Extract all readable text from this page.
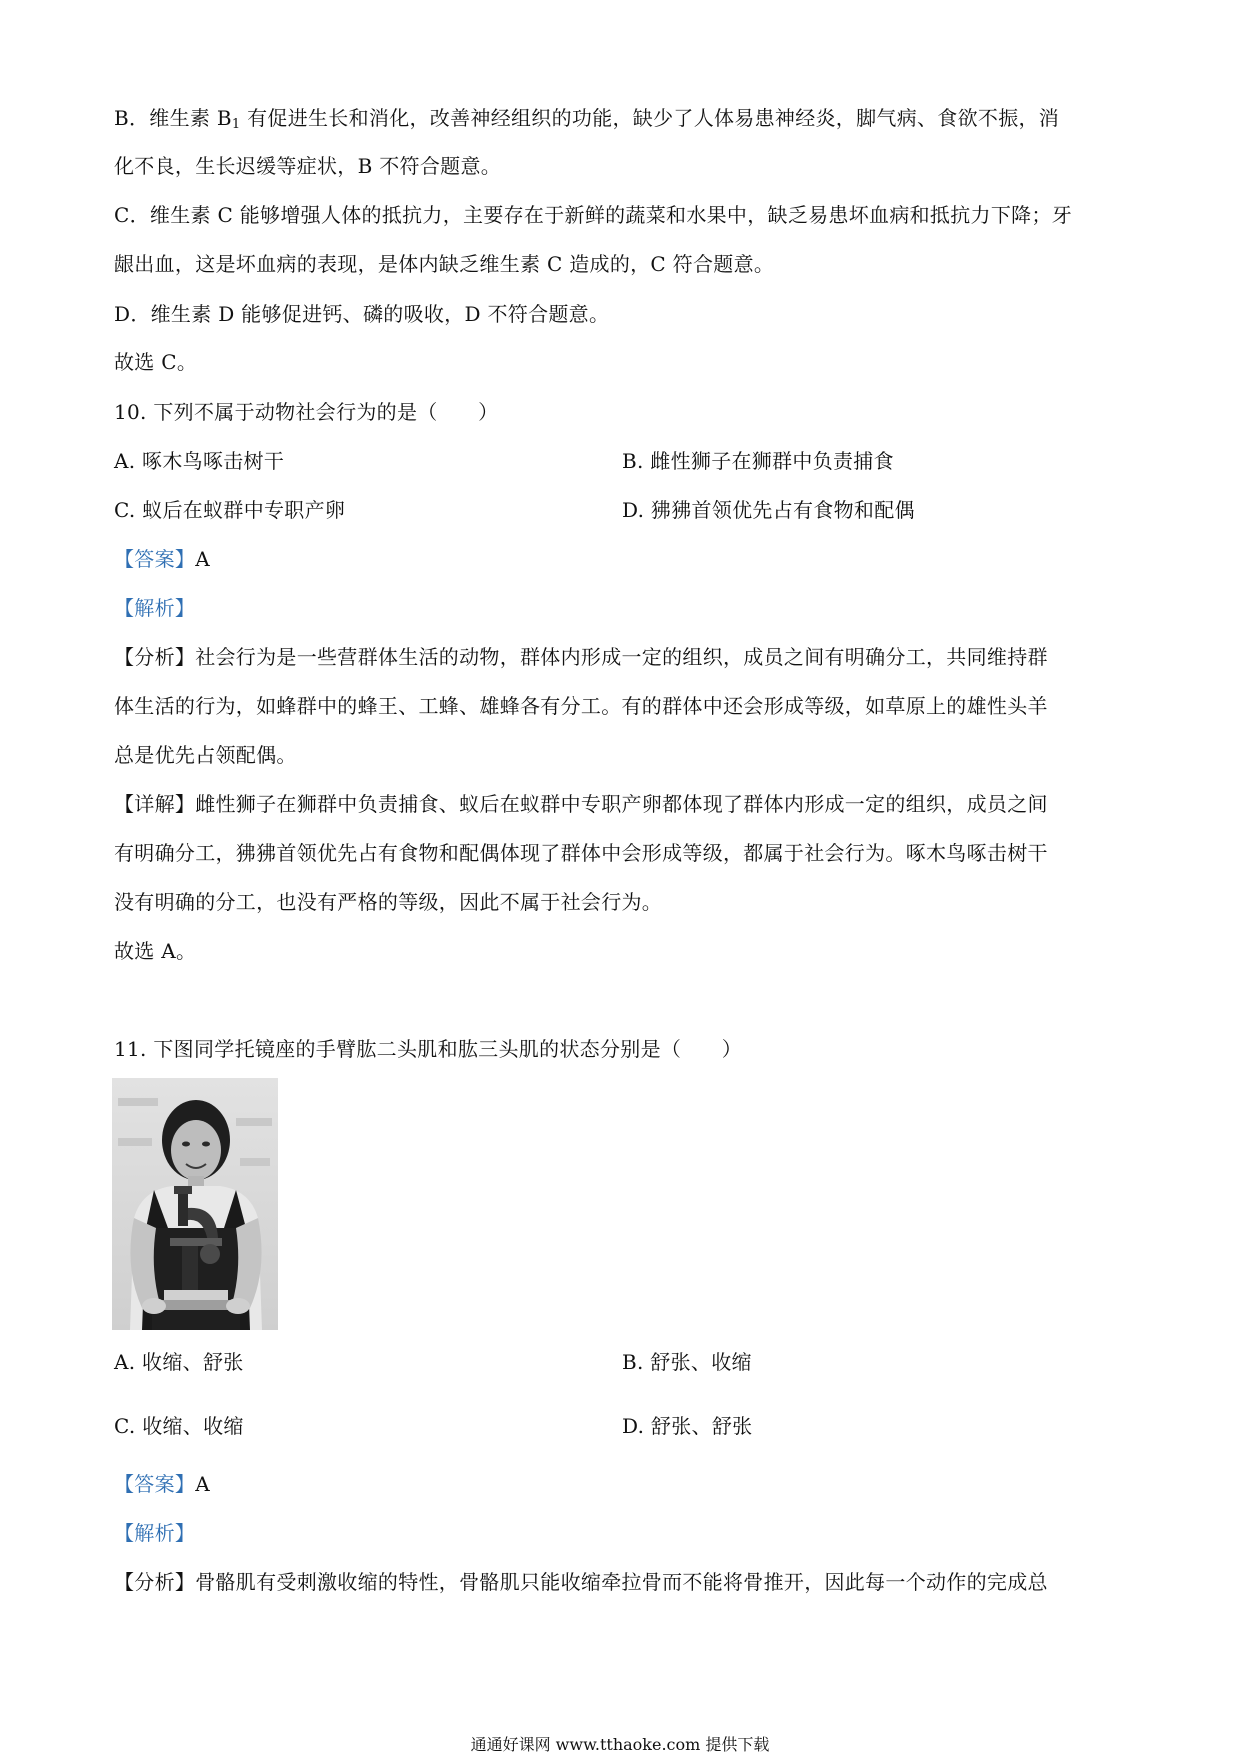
B．维生素 $B_1$ 有促进生长和消化，改善神经组织的功能，缺少了人体易患神经炎，脚气病、食欲不振，消
化不良，生长迟缓等症状，B 不符合题意。
C．维生素 C 能够增强人体的抵抗力，主要存在于新鲜的蔬菜和水果中，缺乏易患坏血病和抵抗力下降；牙
龈出血，这是坏血病的表现，是体内缺乏维生素 C 造成的，C 符合题意。
D．维生素 D 能够促进钙、磷的吸收，D 不符合题意。
故选 C。
10. 下列不属于动物社会行为的是（　　）
A. 啄木鸟啄击树干	B. 雌性狮子在狮群中负责捕食
C. 蚁后在蚁群中专职产卵	D. 狒狒首领优先占有食物和配偶
【答案】A
【解析】
【分析】社会行为是一些营群体生活的动物，群体内形成一定的组织，成员之间有明确分工，共同维持群
体生活的行为，如蜂群中的蜂王、工蜂、雄蜂各有分工。有的群体中还会形成等级，如草原上的雄性头羊
总是优先占领配偶。
【详解】雌性狮子在狮群中负责捕食、蚁后在蚁群中专职产卵都体现了群体内形成一定的组织，成员之间
有明确分工，狒狒首领优先占有食物和配偶体现了群体中会形成等级，都属于社会行为。啄木鸟啄击树干
没有明确的分工，也没有严格的等级，因此不属于社会行为。
故选 A。
11. 下图同学托镜座的手臂肱二头肌和肱三头肌的状态分别是（　　）
A. 收缩、舒张	B. 舒张、收缩
C. 收缩、收缩	D. 舒张、舒张
【答案】A
【解析】
【分析】骨骼肌有受刺激收缩的特性，骨骼肌只能收缩牵拉骨而不能将骨推开，因此每一个动作的完成总
通通好课网 www.tthaoke.com 提供下载
